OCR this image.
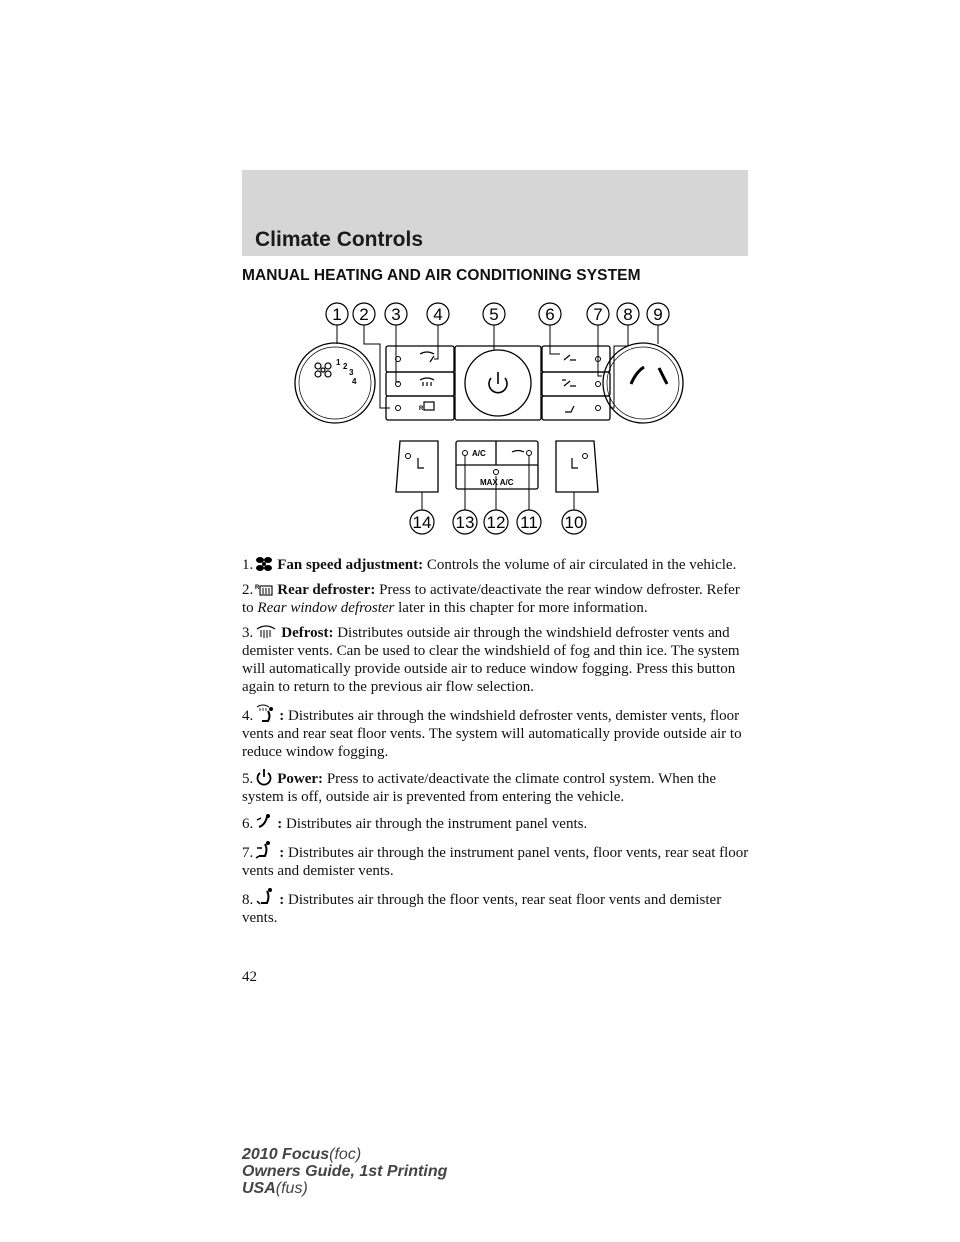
Climate Controls
MANUAL HEATING AND AIR CONDITIONING SYSTEM
1 2
3
4
A/C
MAX A/C
R
1 2 3 4	5	6 7 8 9
14 13 12 11 10

1. Fan speed adjustment: Controls the volume of air circulated in the vehicle.

2. R Rear defroster: Press to activate/deactivate the rear window defroster. Refer to Rear window defroster later in this chapter for more information.

3. Defrost: Distributes outside air through the windshield defroster vents and demister vents. Can be used to clear the windshield of fog and thin ice. The system will automatically provide outside air to reduce window fogging. Press this button again to return to the previous air flow selection.

4. : Distributes air through the windshield defroster vents, demister vents, floor vents and rear seat floor vents. The system will automatically provide outside air to reduce window fogging.

5. Power: Press to activate/deactivate the climate control system. When the system is off, outside air is prevented from entering the vehicle.

6. : Distributes air through the instrument panel vents.

7. : Distributes air through the instrument panel vents, floor vents, rear seat floor vents and demister vents.

8. : Distributes air through the floor vents, rear seat floor vents and demister vents.

42
2010 Focus(foc)
Owners Guide, 1st Printing
USA(fus)
